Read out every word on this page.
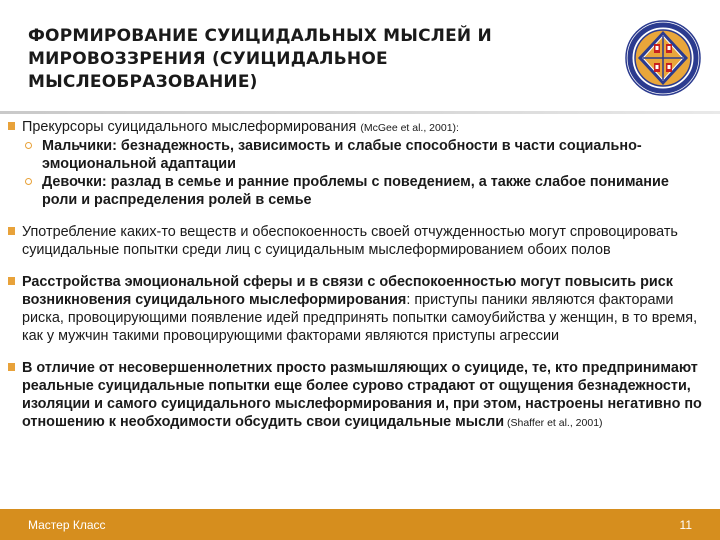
ФОРМИРОВАНИЕ СУИЦИДАЛЬНЫХ МЫСЛЕЙ И
МИРОВОЗЗРЕНИЯ (СУИЦИДАЛЬНОЕ
МЫСЛЕОБРАЗОВАНИЕ)
Прекурсоры суицидального мыслеформирования (McGee et al., 2001):
Мальчики: безнадежность, зависимость и слабые способности в части социально-эмоциональной адаптации
Девочки: разлад в семье и ранние проблемы с поведением, а также слабое понимание роли и распределения ролей в семье
Употребление каких-то веществ и обеспокоенность своей отчужденностью могут спровоцировать суицидальные попытки среди лиц с суицидальным мыслеформированием обоих полов
Расстройства эмоциональной сферы и в связи с обеспокоенностью могут повысить риск возникновения суицидального мыслеформирования: приступы паники являются факторами риска, провоцирующими появление идей предпринять попытки самоубийства у женщин, в то время, как у мужчин такими провоцирующими факторами являются приступы агрессии
В отличие от несовершеннолетних просто размышляющих о суициде, те, кто предпринимают реальные суицидальные попытки еще более сурово страдают от ощущения безнадежности, изоляции и самого суицидального мыслеформирования и, при этом, настроены негативно по отношению к необходимости обсудить свои суицидальные мысли (Shaffer et al., 2001)
Мастер Класс	11
